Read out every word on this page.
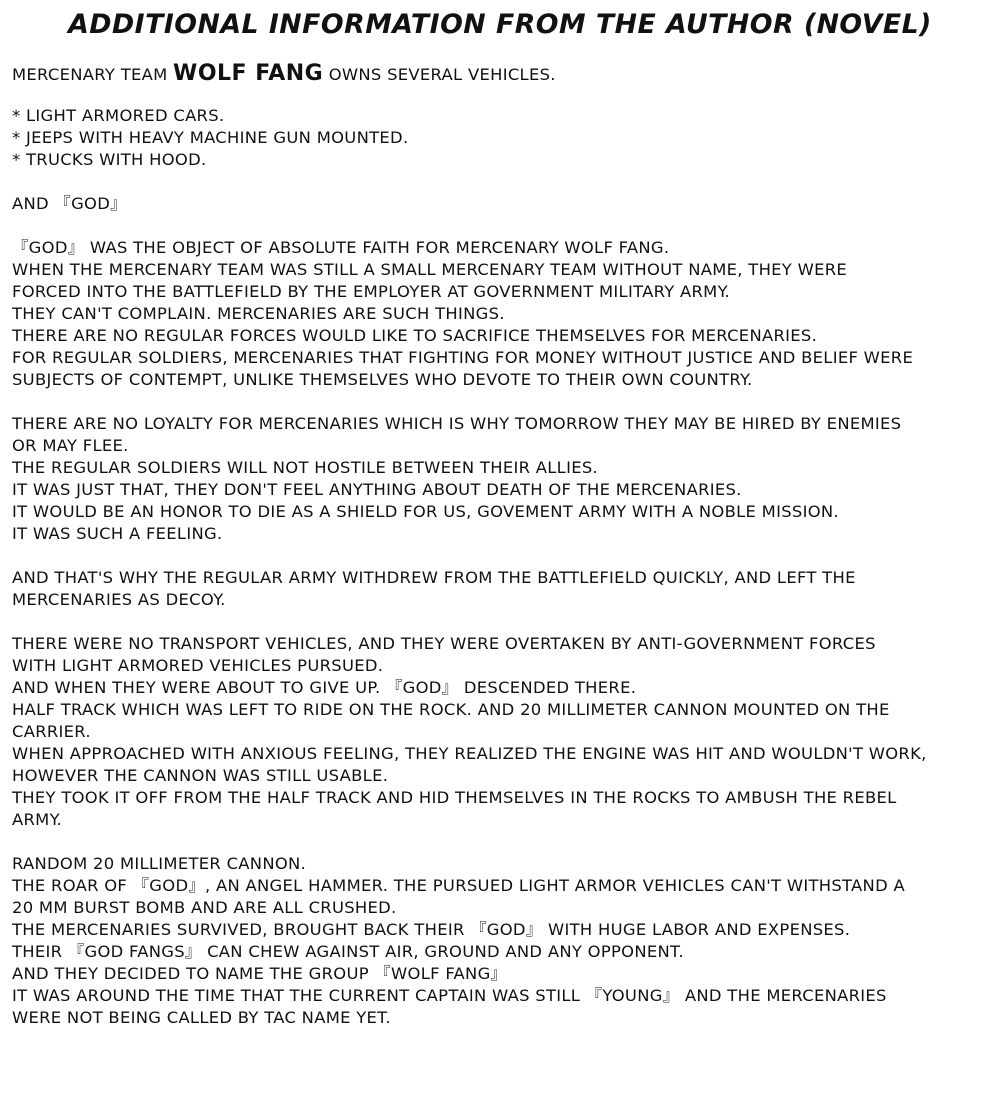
ADDITIONAL INFORMATION FROM THE AUTHOR (NOVEL)

MERCENARY TEAM WOLF FANG OWNS SEVERAL VEHICLES.

* LIGHT ARMORED CARS.

* JEEPS WITH HEAVY MACHINE GUN MOUNTED.

* TRUCKS WITH HOOD.

AND 『GOD』

『GOD』 WAS THE OBJECT OF ABSOLUTE FAITH FOR MERCENARY WOLF FANG.

WHEN THE MERCENARY TEAM WAS STILL A SMALL MERCENARY TEAM WITHOUT NAME, THEY WERE

FORCED INTO THE BATTLEFIELD BY THE EMPLOYER AT GOVERNMENT MILITARY ARMY.

THEY CAN'T COMPLAIN. MERCENARIES ARE SUCH THINGS.

THERE ARE NO REGULAR FORCES WOULD LIKE TO SACRIFICE THEMSELVES FOR MERCENARIES.

FOR REGULAR SOLDIERS, MERCENARIES THAT FIGHTING FOR MONEY WITHOUT JUSTICE AND BELIEF WERE

SUBJECTS OF CONTEMPT, UNLIKE THEMSELVES WHO DEVOTE TO THEIR OWN COUNTRY.

THERE ARE NO LOYALTY FOR MERCENARIES WHICH IS WHY TOMORROW THEY MAY BE HIRED BY ENEMIES

OR MAY FLEE.

THE REGULAR SOLDIERS WILL NOT HOSTILE BETWEEN THEIR ALLIES.

IT WAS JUST THAT, THEY DON'T FEEL ANYTHING ABOUT DEATH OF THE MERCENARIES.

IT WOULD BE AN HONOR TO DIE AS A SHIELD FOR US, GOVEMENT ARMY WITH A NOBLE MISSION.

IT WAS SUCH A FEELING.

AND THAT'S WHY THE REGULAR ARMY WITHDREW FROM THE BATTLEFIELD QUICKLY, AND LEFT THE

MERCENARIES AS DECOY.

THERE WERE NO TRANSPORT VEHICLES, AND THEY WERE OVERTAKEN BY ANTI-GOVERNMENT FORCES

WITH LIGHT ARMORED VEHICLES PURSUED.

AND WHEN THEY WERE ABOUT TO GIVE UP. 『GOD』 DESCENDED THERE.

HALF TRACK WHICH WAS LEFT TO RIDE ON THE ROCK. AND 20 MILLIMETER CANNON MOUNTED ON THE

CARRIER.

WHEN APPROACHED WITH ANXIOUS FEELING, THEY REALIZED THE ENGINE WAS HIT AND WOULDN'T WORK,

HOWEVER THE CANNON WAS STILL USABLE.

THEY TOOK IT OFF FROM THE HALF TRACK AND HID THEMSELVES IN THE ROCKS TO AMBUSH THE REBEL

ARMY.

RANDOM 20 MILLIMETER CANNON.

THE ROAR OF 『GOD』, AN ANGEL HAMMER. THE PURSUED LIGHT ARMOR VEHICLES CAN'T WITHSTAND A

20 MM BURST BOMB AND ARE ALL CRUSHED.

THE MERCENARIES SURVIVED, BROUGHT BACK THEIR 『GOD』 WITH HUGE LABOR AND EXPENSES.

THEIR 『GOD FANGS』 CAN CHEW AGAINST AIR, GROUND AND ANY OPPONENT.

AND THEY DECIDED TO NAME THE GROUP 『WOLF FANG』

IT WAS AROUND THE TIME THAT THE CURRENT CAPTAIN WAS STILL 『YOUNG』 AND THE MERCENARIES

WERE NOT BEING CALLED BY TAC NAME YET.
